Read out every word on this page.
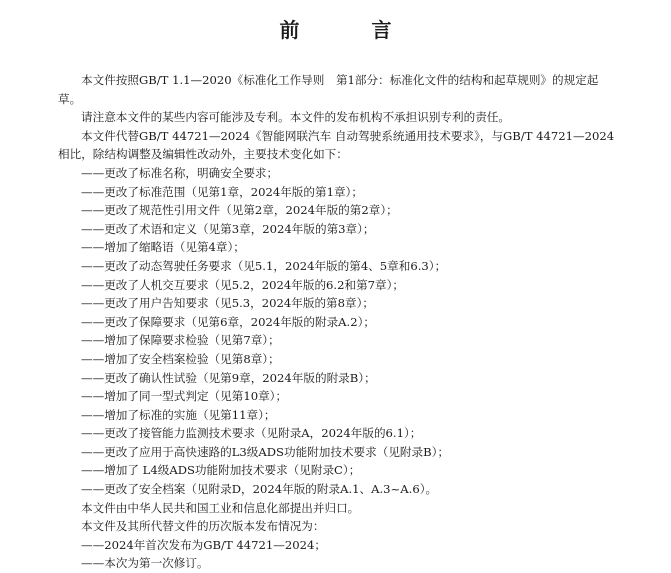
前　言

本文件按照GB/T 1.1—2020《标准化工作导则　第1部分：标准化文件的结构和起草规则》的规定起草。

请注意本文件的某些内容可能涉及专利。本文件的发布机构不承担识别专利的责任。

本文件代替GB/T 44721—2024《智能网联汽车 自动驾驶系统通用技术要求》，与GB/T 44721—2024相比，除结构调整及编辑性改动外，主要技术变化如下：

——更改了标准名称，明确安全要求；
——更改了标准范围（见第1章，2024年版的第1章）；
——更改了规范性引用文件（见第2章，2024年版的第2章）；
——更改了术语和定义（见第3章，2024年版的第3章）；
——增加了缩略语（见第4章）；
——更改了动态驾驶任务要求（见5.1，2024年版的第4、5章和6.3）；
——更改了人机交互要求（见5.2，2024年版的6.2和第7章）；
——更改了用户告知要求（见5.3，2024年版的第8章）；
——更改了保障要求（见第6章，2024年版的附录A.2）；
——增加了保障要求检验（见第7章）；
——增加了安全档案检验（见第8章）；
——更改了确认性试验（见第9章，2024年版的附录B）；
——增加了同一型式判定（见第10章）；
——增加了标准的实施（见第11章）；
——更改了接管能力监测技术要求（见附录A，2024年版的6.1）；
——更改了应用于高快速路的L3级ADS功能附加技术要求（见附录B）；
——增加了 L4级ADS功能附加技术要求（见附录C）；
——更改了安全档案（见附录D，2024年版的附录A.1、A.3~A.6）。

本文件由中华人民共和国工业和信息化部提出并归口。

本文件及其所代替文件的历次版本发布情况为：

——2024年首次发布为GB/T 44721—2024；
——本次为第一次修订。
